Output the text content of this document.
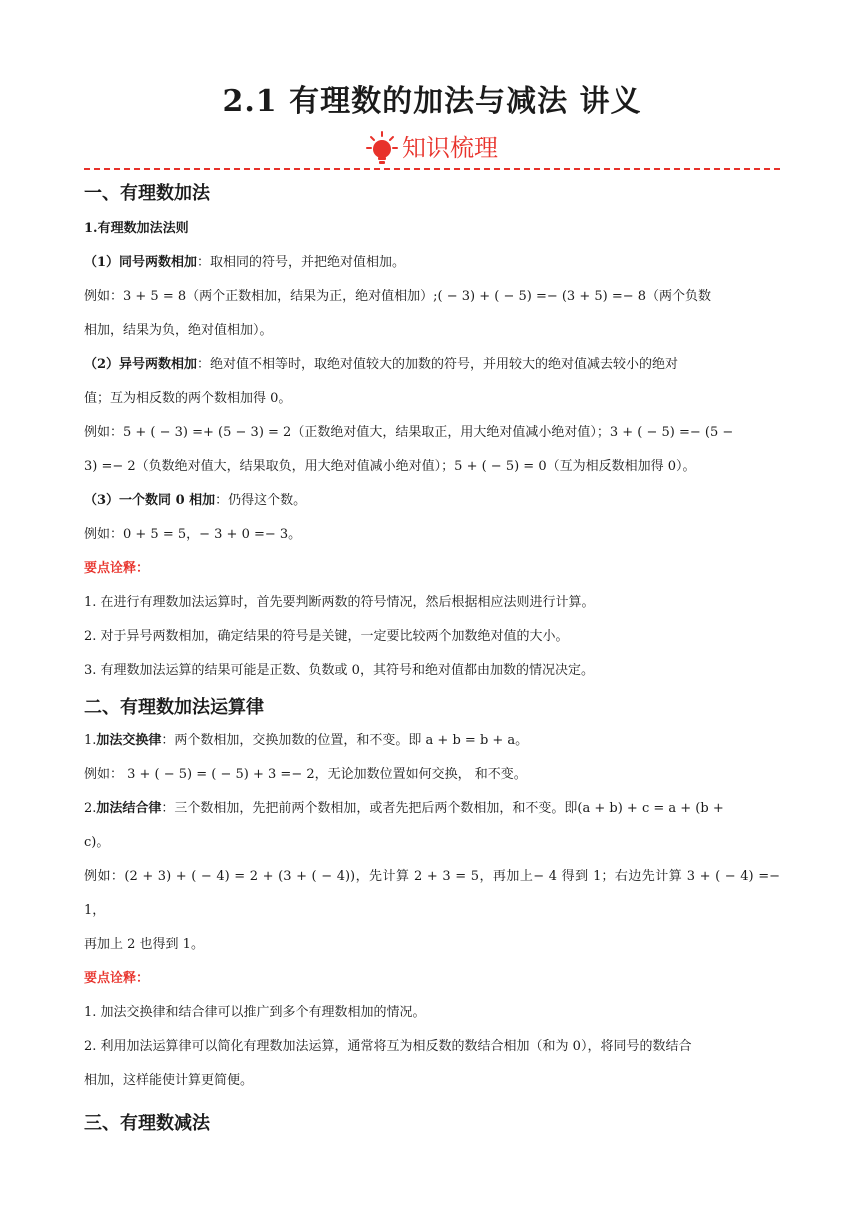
2.1 有理数的加法与减法 讲义
知识梳理
一、有理数加法

1.有理数加法法则

（1）同号两数相加：取相同的符号，并把绝对值相加。

例如：3 + 5 = 8（两个正数相加，结果为正，绝对值相加）;( − 3) + ( − 5) =− (3 + 5) =− 8（两个负数

相加，结果为负，绝对值相加）。

（2）异号两数相加：绝对值不相等时，取绝对值较大的加数的符号，并用较大的绝对值减去较小的绝对

值；互为相反数的两个数相加得 0。

例如：5 + ( − 3) =+ (5 − 3) = 2（正数绝对值大，结果取正，用大绝对值减小绝对值）；3 + ( − 5) =− (5 −

3) =− 2（负数绝对值大，结果取负，用大绝对值减小绝对值）；5 + ( − 5) = 0（互为相反数相加得 0）。

（3）一个数同 0 相加：仍得这个数。

例如：0 + 5 = 5，− 3 + 0 =− 3。

要点诠释：

1. 在进行有理数加法运算时，首先要判断两数的符号情况，然后根据相应法则进行计算。

2. 对于异号两数相加，确定结果的符号是关键，一定要比较两个加数绝对值的大小。

3. 有理数加法运算的结果可能是正数、负数或 0，其符号和绝对值都由加数的情况决定。

二、有理数加法运算律

1.加法交换律：两个数相加，交换加数的位置，和不变。即 a + b = b + a。

例如： 3 + ( − 5) = ( − 5) + 3 =− 2，无论加数位置如何交换， 和不变。

2.加法结合律：三个数相加，先把前两个数相加，或者先把后两个数相加，和不变。即(a + b) + c = a + (b +

c)。

例如：(2 + 3) + ( − 4) = 2 + (3 + ( − 4))，先计算 2 + 3 = 5，再加上− 4 得到 1；右边先计算 3 + ( − 4) =− 1，

再加上 2 也得到 1。

要点诠释：

1. 加法交换律和结合律可以推广到多个有理数相加的情况。

2. 利用加法运算律可以简化有理数加法运算，通常将互为相反数的数结合相加（和为 0），将同号的数结合

相加，这样能使计算更简便。

三、有理数减法
